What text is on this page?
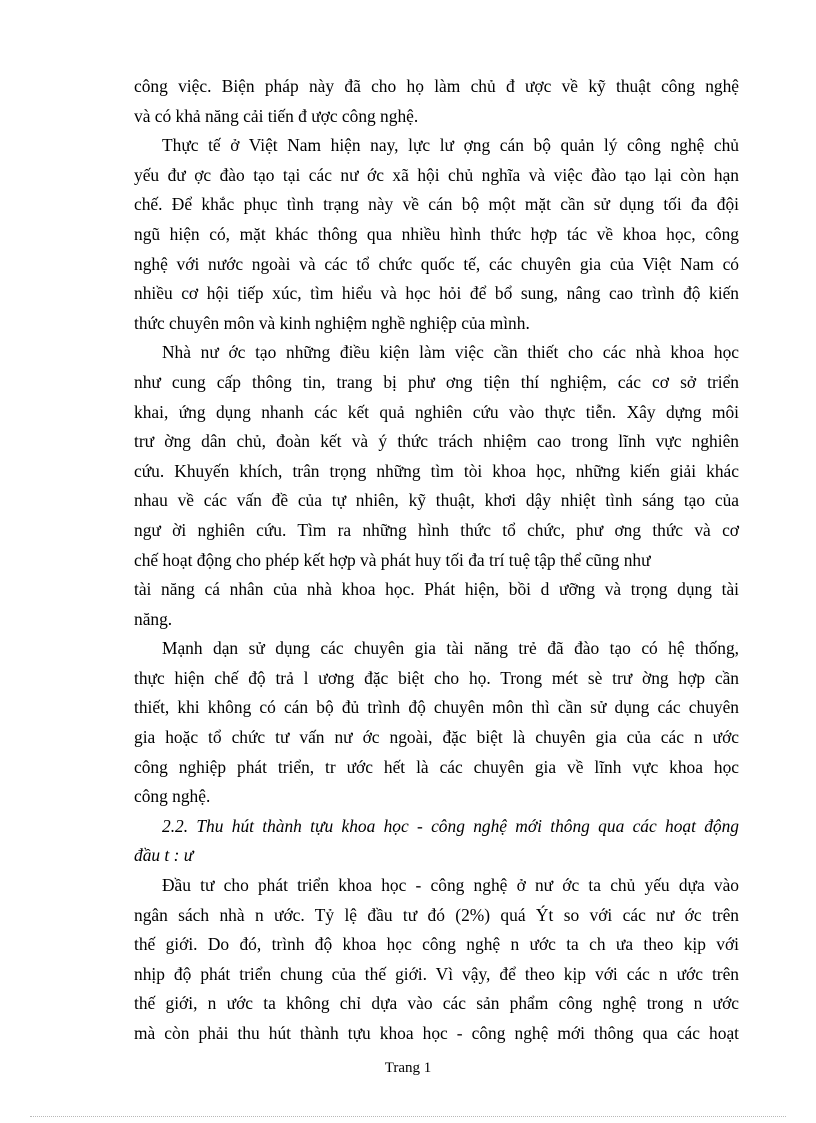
công việc. Biện pháp này đã cho họ làm chủ đ ược về kỹ thuật công nghệ
và có khả năng cải tiến đ ược công nghệ.
Thực tế ở Việt Nam hiện nay, lực lư ợng cán bộ quản lý công nghệ chủ
yếu đư ợc đào tạo tại các nư ớc xã hội chủ nghĩa và việc đào tạo lại còn hạn
chế. Để khắc phục tình trạng này về cán bộ một mặt cần sử dụng tối đa đội
ngũ hiện có, mặt khác thông qua nhiều hình thức hợp tác về khoa học, công
nghệ với nước ngoài và các tổ chức quốc tế, các chuyên gia của Việt Nam có
nhiều cơ hội tiếp xúc, tìm hiểu và học hỏi để bổ sung, nâng cao trình độ kiến
thức chuyên môn và kinh nghiệm nghề nghiệp của mình.
Nhà nư ớc tạo những điều kiện làm việc cần thiết cho các nhà khoa học
như cung cấp thông tin, trang bị phư ơng tiện thí nghiệm, các cơ sở triển
khai, ứng dụng nhanh các kết quả nghiên cứu vào thực tiễn. Xây dựng môi
trư ờng dân chủ, đoàn kết và ý thức trách nhiệm cao trong lĩnh vực nghiên
cứu. Khuyến khích, trân trọng những tìm tòi khoa học, những kiến giải khác
nhau về các vấn đề của tự nhiên, kỹ thuật, khơi dậy nhiệt tình sáng tạo của
ngư ời nghiên cứu. Tìm ra những hình thức tổ chức, phư ơng thức và cơ
chế hoạt động cho phép kết hợp và phát huy tối đa trí tuệ tập thể cũng như
tài năng cá nhân của nhà khoa học. Phát hiện, bồi d ưỡng và trọng dụng tài
năng.
Mạnh dạn sử dụng các chuyên gia tài năng trẻ đã đào tạo có hệ thống,
thực hiện chế độ trả l ương đặc biệt cho họ. Trong mét sè trư ờng hợp cần
thiết, khi không có cán bộ đủ trình độ chuyên môn thì cần sử dụng các chuyên
gia hoặc tổ chức tư vấn nư ớc ngoài, đặc biệt là chuyên gia của các n ước
công nghiệp phát triển, tr ước hết là các chuyên gia về lĩnh vực khoa học
công nghệ.
2.2. Thu hút thành tựu khoa học - công nghệ mới thông qua các hoạt động
đầu t : ư
Đầu tư cho phát triển khoa học - công nghệ ở nư ớc ta chủ yếu dựa vào
ngân sách nhà n ước. Tỷ lệ đầu tư đó (2%) quá Ýt so với các nư ớc trên
thế giới. Do đó, trình độ khoa học công nghệ n ước ta ch ưa theo kịp với
nhịp độ phát triển chung của thế giới. Vì vậy, để theo kịp với các n ước trên
thế giới, n ước ta không chỉ dựa vào các sản phẩm công nghệ trong n ước
mà còn phải thu hút thành tựu khoa học - công nghệ mới thông qua các hoạt
Trang 1
